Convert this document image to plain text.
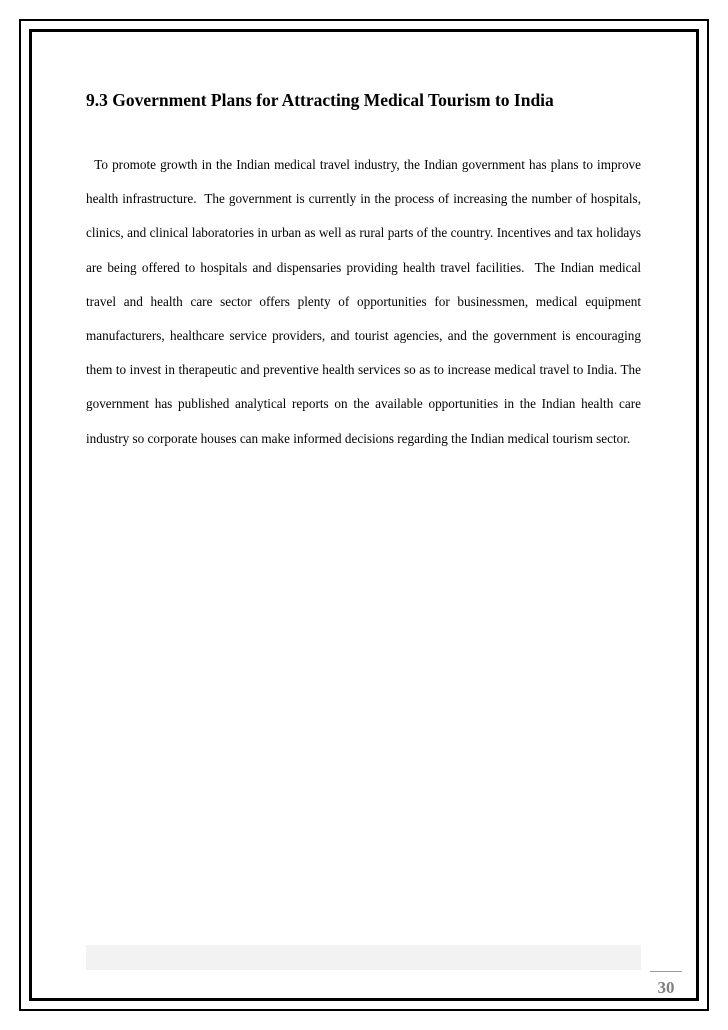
9.3 Government Plans for Attracting Medical Tourism to India
To promote growth in the Indian medical travel industry, the Indian government has plans to improve health infrastructure.  The government is currently in the process of increasing the number of hospitals, clinics, and clinical laboratories in urban as well as rural parts of the country. Incentives and tax holidays are being offered to hospitals and dispensaries providing health travel facilities.  The Indian medical travel and health care sector offers plenty of opportunities for businessmen, medical equipment manufacturers, healthcare service providers, and tourist agencies, and the government is encouraging them to invest in therapeutic and preventive health services so as to increase medical travel to India. The government has published analytical reports on the available opportunities in the Indian health care industry so corporate houses can make informed decisions regarding the Indian medical tourism sector.
30
